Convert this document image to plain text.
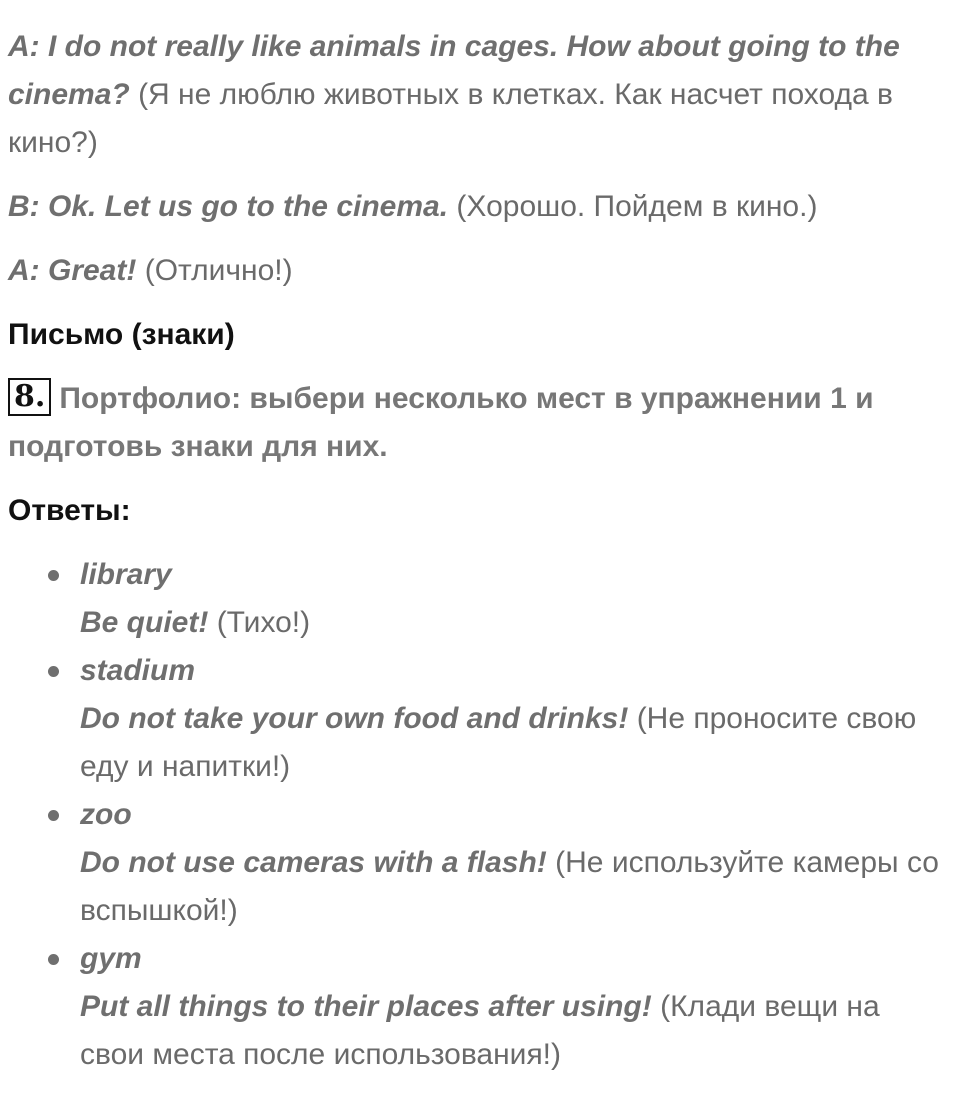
A: I do not really like animals in cages. How about going to the cinema? (Я не люблю животных в клетках. Как насчет похода в кино?)

B: Ok. Let us go to the cinema. (Хорошо. Пойдем в кино.)

A: Great! (Отлично!)

Письмо (знаки)

8. Портфолио: выбери несколько мест в упражнении 1 и подготовь знаки для них.

Ответы:

library
Be quiet! (Тихо!)
stadium
Do not take your own food and drinks! (Не проносите свою еду и напитки!)
zoo
Do not use cameras with a flash! (Не используйте камеры со вспышкой!)
gym
Put all things to their places after using! (Клади вещи на свои места после использования!)
